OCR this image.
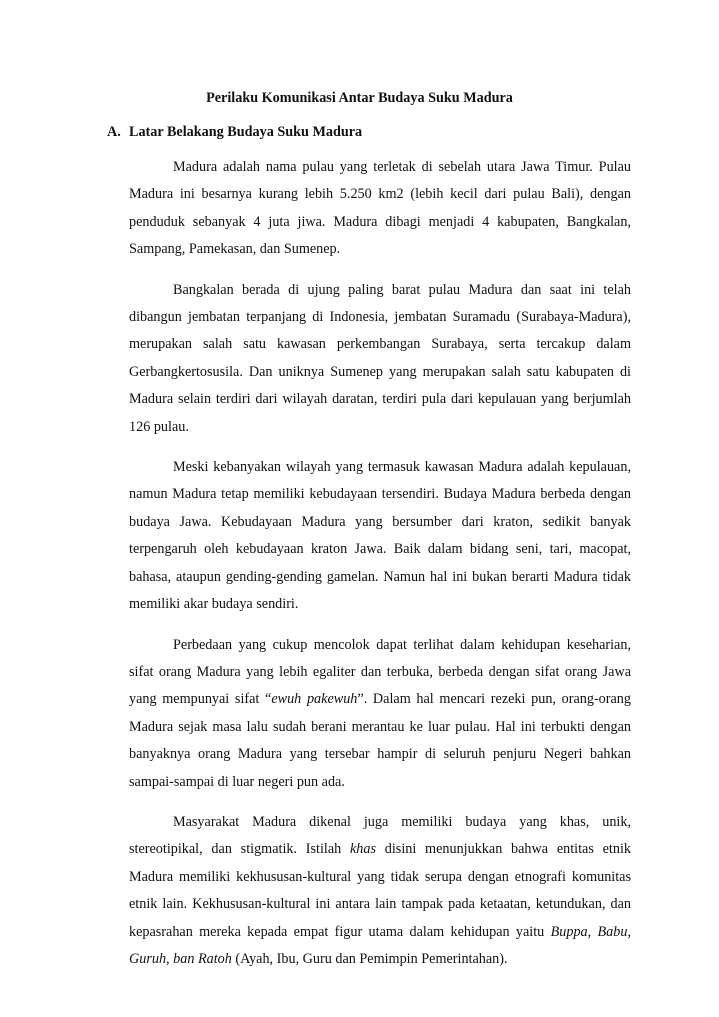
Perilaku Komunikasi Antar Budaya Suku Madura
A. Latar Belakang Budaya Suku Madura

Madura adalah nama pulau yang terletak di sebelah utara Jawa Timur. Pulau Madura ini besarnya kurang lebih 5.250 km2 (lebih kecil dari pulau Bali), dengan penduduk sebanyak 4 juta jiwa. Madura dibagi menjadi 4 kabupaten, Bangkalan, Sampang, Pamekasan, dan Sumenep.

Bangkalan berada di ujung paling barat pulau Madura dan saat ini telah dibangun jembatan terpanjang di Indonesia, jembatan Suramadu (Surabaya-Madura), merupakan salah satu kawasan perkembangan Surabaya, serta tercakup dalam Gerbangkertosusila. Dan uniknya Sumenep yang merupakan salah satu kabupaten di Madura selain terdiri dari wilayah daratan, terdiri pula dari kepulauan yang berjumlah 126 pulau.

Meski kebanyakan wilayah yang termasuk kawasan Madura adalah kepulauan, namun Madura tetap memiliki kebudayaan tersendiri. Budaya Madura berbeda dengan budaya Jawa. Kebudayaan Madura yang bersumber dari kraton, sedikit banyak terpengaruh oleh kebudayaan kraton Jawa. Baik dalam bidang seni, tari, macopat, bahasa, ataupun gending-gending gamelan. Namun hal ini bukan berarti Madura tidak memiliki akar budaya sendiri.

Perbedaan yang cukup mencolok dapat terlihat dalam kehidupan keseharian, sifat orang Madura yang lebih egaliter dan terbuka, berbeda dengan sifat orang Jawa yang mempunyai sifat “ewuh pakewuh”. Dalam hal mencari rezeki pun, orang-orang Madura sejak masa lalu sudah berani merantau ke luar pulau. Hal ini terbukti dengan banyaknya orang Madura yang tersebar hampir di seluruh penjuru Negeri bahkan sampai-sampai di luar negeri pun ada.

Masyarakat Madura dikenal juga memiliki budaya yang khas, unik, stereotipikal, dan stigmatik. Istilah khas disini menunjukkan bahwa entitas etnik Madura memiliki kekhususan-kultural yang tidak serupa dengan etnografi komunitas etnik lain. Kekhususan-kultural ini antara lain tampak pada ketaatan, ketundukan, dan kepasrahan mereka kepada empat figur utama dalam kehidupan yaitu Buppa, Babu, Guruh, ban Ratoh (Ayah, Ibu, Guru dan Pemimpin Pemerintahan).
